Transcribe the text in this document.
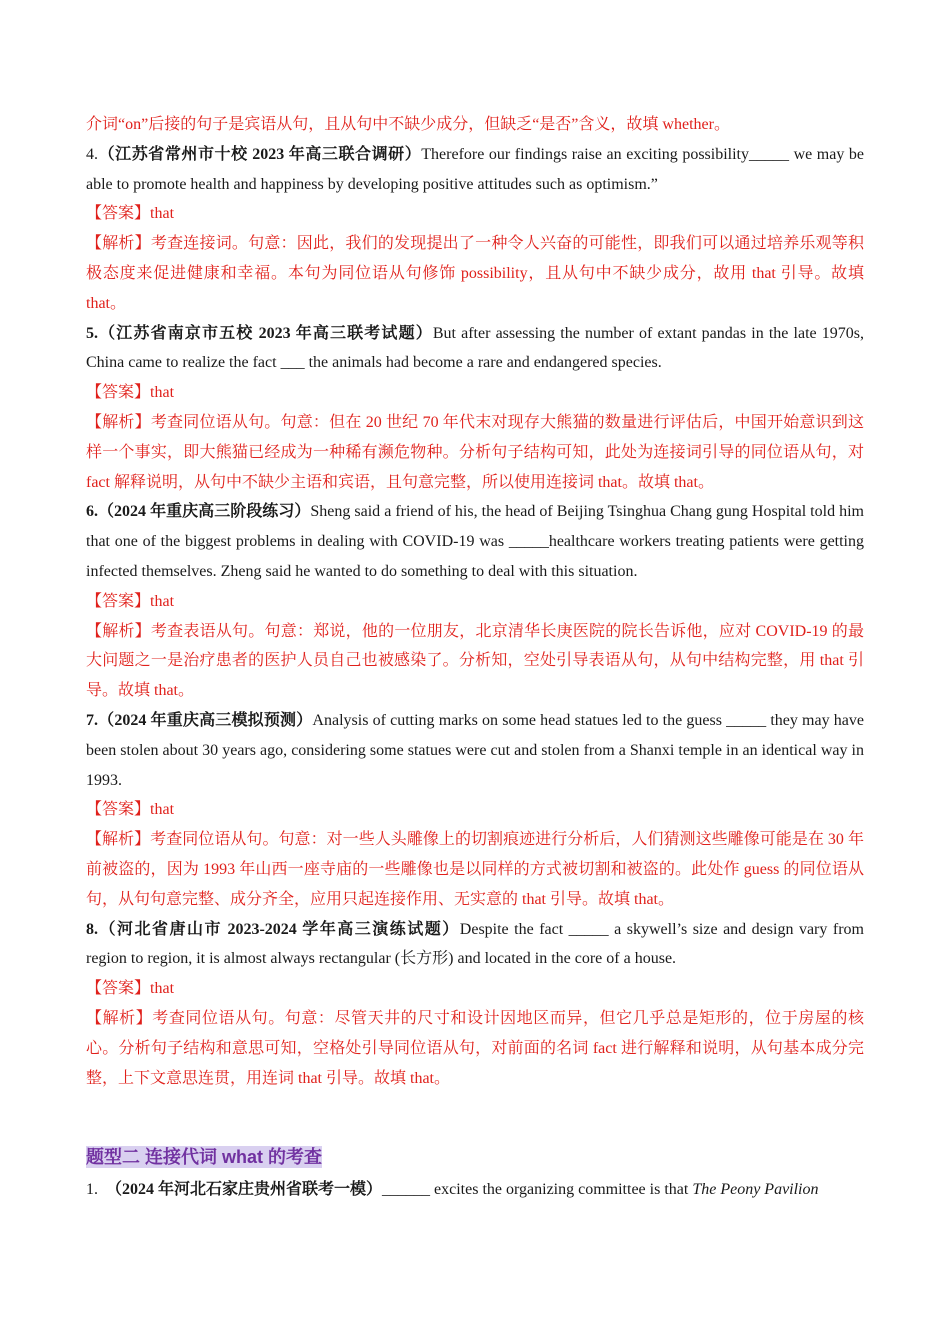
介词“on”后接的句子是宾语从句，且从句中不缺少成分，但缺乏“是否”含义，故填 whether。
4.（江苏省常州市十校 2023 年高三联合调研）Therefore our findings raise an exciting possibility_____ we may be able to promote health and happiness by developing positive attitudes such as optimism.”
【答案】that
【解析】考查连接词。句意：因此，我们的发现提出了一种令人兴奋的可能性，即我们可以通过培养乐观等积极态度来促进健康和幸福。本句为同位语从句修饰 possibility，且从句中不缺少成分，故用 that 引导。故填 that。
5.（江苏省南京市五校 2023 年高三联考试题）But after assessing the number of extant pandas in the late 1970s, China came to realize the fact ___ the animals had become a rare and endangered species.
【答案】that
【解析】考查同位语从句。句意：但在 20 世纪 70 年代末对现存大熊猫的数量进行评估后，中国开始意识到这样一个事实，即大熊猫已经成为一种稀有濒危物种。分析句子结构可知，此处为连接词引导的同位语从句，对 fact 解释说明，从句中不缺少主语和宾语，且句意完整，所以使用连接词 that。故填 that。
6.（2024 年重庆高三阶段练习）Sheng said a friend of his, the head of Beijing Tsinghua Chang gung Hospital told him that one of the biggest problems in dealing with COVID-19 was _____healthcare workers treating patients were getting infected themselves. Zheng said he wanted to do something to deal with this situation.
【答案】that
【解析】考查表语从句。句意：郑说，他的一位朋友，北京清华长庚医院的院长告诉他，应对 COVID-19 的最大问题之一是治疗患者的医护人员自己也被感染了。分析知，空处引导表语从句，从句中结构完整，用 that 引导。故填 that。
7.（2024 年重庆高三模拟预测）Analysis of cutting marks on some head statues led to the guess _____ they may have been stolen about 30 years ago, considering some statues were cut and stolen from a Shanxi temple in an identical way in 1993.
【答案】that
【解析】考查同位语从句。句意：对一些人头雕像上的切割痕迹进行分析后，人们猜测这些雕像可能是在 30 年前被盗的，因为 1993 年山西一座寺庙的一些雕像也是以同样的方式被切割和被盗的。此处作 guess 的同位语从句，从句句意完整、成分齐全，应用只起连接作用、无实意的 that 引导。故填 that。
8.（河北省唐山市 2023-2024 学年高三演练试题）Despite the fact _____ a skywell’s size and design vary from region to region, it is almost always rectangular (长方形) and located in the core of a house.
【答案】that
【解析】考查同位语从句。句意：尽管天井的尺寸和设计因地区而异，但它几乎总是矩形的，位于房屋的核心。分析句子结构和意思可知，空格处引导同位语从句，对前面的名词 fact 进行解释和说明，从句基本成分完整，上下文意思连贯，用连词 that 引导。故填 that。
题型二 连接代词 what 的考查
1. （2024 年河北石家庄贵州省联考一模）______ excites the organizing committee is that The Peony Pavilion
